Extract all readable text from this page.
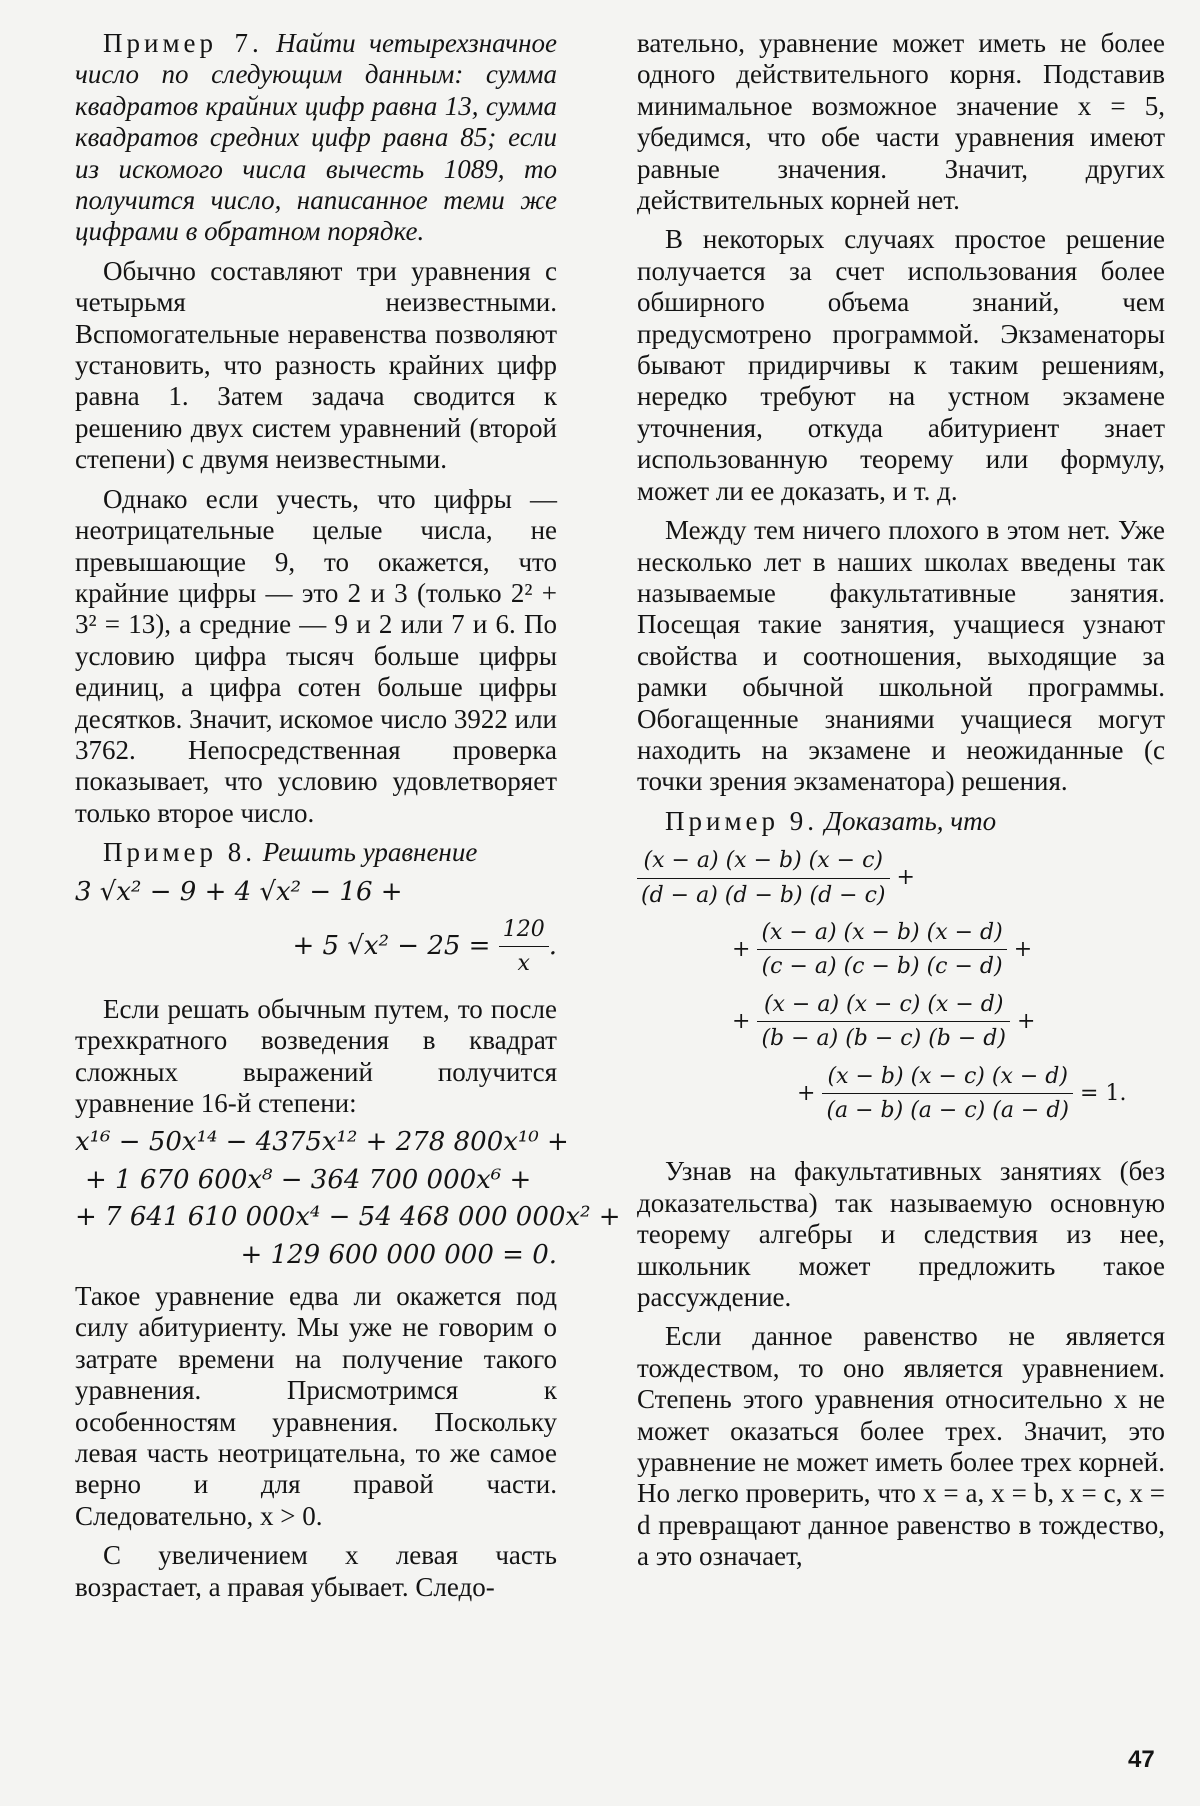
Пример 7. Найти четырехзначное число по следующим данным: сумма квадратов крайних цифр равна 13, сумма квадратов средних цифр равна 85; если из искомого числа вычесть 1089, то получится число, написанное теми же цифрами в обратном порядке.

Обычно составляют три уравнения с четырьмя неизвестными. Вспомогательные неравенства позволяют установить, что разность крайних цифр равна 1. Затем задача сводится к решению двух систем уравнений (второй степени) с двумя неизвестными.

Однако если учесть, что цифры — неотрицательные целые числа, не превышающие 9, то окажется, что крайние цифры — это 2 и 3 (только 2² + 3² = 13), а средние — 9 и 2 или 7 и 6. По условию цифра тысяч больше цифры единиц, а цифра сотен больше цифры десятков. Значит, искомое число 3922 или 3762. Непосредственная проверка показывает, что условию удовлетворяет только второе число.

Пример 8. Решить уравнение

3 √x² − 9 + 4 √x² − 16 +
+ 5 $√x^2 - 25 = \frac{120}{x}$ .

Если решать обычным путем, то после трехкратного возведения в квадрат сложных выражений получится уравнение 16-й степени:

x¹⁶ − 50x¹⁴ − 4375x¹² + 278 800x¹⁰ +
+ 1 670 600x⁸ − 364 700 000x⁶ +
+ 7 641 610 000x⁴ − 54 468 000 000x² +
+ 129 600 000 000 = 0.

Такое уравнение едва ли окажется под силу абитуриенту. Мы уже не говорим о затрате времени на получение такого уравнения. Присмотримся к особенностям уравнения. Поскольку левая часть неотрицательна, то же самое верно и для правой части. Следовательно, x > 0.

С увеличением x левая часть возрастает, а правая убывает. Следо-

вательно, уравнение может иметь не более одного действительного корня. Подставив минимальное возможное значение x = 5, убедимся, что обе части уравнения имеют равные значения. Значит, других действительных корней нет.

В некоторых случаях простое решение получается за счет использования более обширного объема знаний, чем предусмотрено программой. Экзаменаторы бывают придирчивы к таким решениям, нередко требуют на устном экзамене уточнения, откуда абитуриент знает использованную теорему или формулу, может ли ее доказать, и т. д.

Между тем ничего плохого в этом нет. Уже несколько лет в наших школах введены так называемые факультативные занятия. Посещая такие занятия, учащиеся узнают свойства и соотношения, выходящие за рамки обычной школьной программы. Обогащенные знаниями учащиеся могут находить на экзамене и неожиданные (с точки зрения экзаменатора) решения.

Пример 9. Доказать, что

$\frac{(x - a) (x - b) (x - c)}{(d - a) (d - b) (d - c)}$ +
+ $\frac{(x - a) (x - b) (x - d)}{(c - a) (c - b) (c - d)}$ +
+ $\frac{(x - a) (x - c) (x - d)}{(b - a) (b - c) (b - d)}$ +
+ $\frac{(x - b) (x - c) (x - d)}{(a - b) (a - c) (a - d)} = 1$.

Узнав на факультативных занятиях (без доказательства) так называемую основную теорему алгебры и следствия из нее, школьник может предложить такое рассуждение.

Если данное равенство не является тождеством, то оно является уравнением. Степень этого уравнения относительно x не может оказаться более трех. Значит, это уравнение не может иметь более трех корней. Но легко проверить, что x = a, x = b, x = c, x = d превращают данное равенство в тождество, а это означает,

47
